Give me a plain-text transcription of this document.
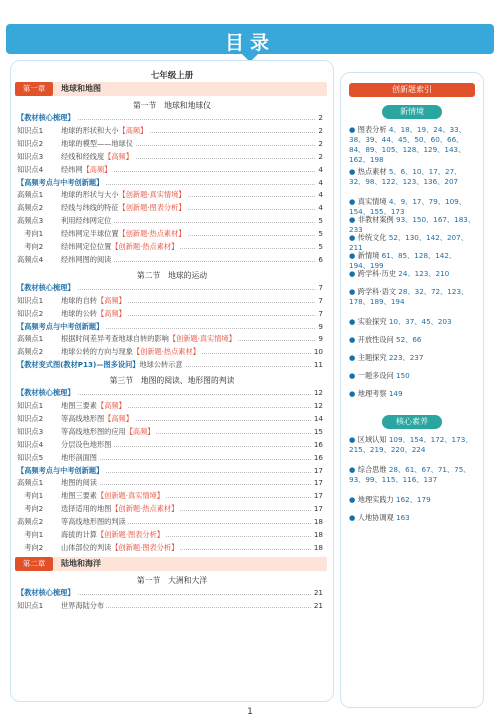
目录
七年级上册
第一章	地球和地图
第一节　地球和地球仪
【教材核心梳理】	2
知识点1 地球的形状和大小【高频】	2
知识点2 地球的模型——地球仪	2
知识点3 经线和经线度【高频】	2
知识点4 经纬网【高频】	4
【高频考点与中考创新题】	4
高频点1 地球的形状与大小【创新题·真实情境】	4
高频点2 经线与纬线的特征【创新题·图表分析】	4
高频点3 利用经纬网定位	5
　考向1 经纬网定半球位置【创新题·热点素材】	5
　考向2 经纬网定位位置【创新题·热点素材】	5
高频点4 经纬网图的阅读	6
第二节　地球的运动
【教材核心梳理】	7
知识点1 地球的自转【高频】	7
知识点2 地球的公转【高频】	7
【高频考点与中考创新题】	9
高频点1 根据时间差异考查地球自转的影响【创新题·真实情境】	9
高频点2 地球公转的方向与现象【创新题·热点素材】	10
【教材变式图(教材P13)—图多设问】地球公转示意	11
第三节　地图的阅读、地形图的判读
【教材核心梳理】	12
知识点1 地图三要素【高频】	12
知识点2 等高线地形图【高频】	14
知识点3 等高线地形图的应用【高频】	15
知识点4 分层设色地形图	16
知识点5 地形剖面图	16
【高频考点与中考创新题】	17
高频点1 地图的阅读	17
　考向1 地图三要素【创新题·真实情境】	17
　考向2 选择适用的地图【创新题·热点素材】	17
高频点2 等高线地形图的判读	18
　考向1 海拔的计算【创新题·图表分析】	18
　考向2 山体部位的判读【创新题·图表分析】	18
第二章	陆地和海洋
第一节　大洲和大洋
【教材核心梳理】	21
知识点1 世界海陆分布	21
创新题索引
新情境
● 图表分析 4、18、19、24、33、38、39、44、45、50、60、66、84、89、105、128、129、143、162、198
● 热点素材 5、6、10、17、27、32、98、122、123、136、207
● 真实情境 4、9、17、79、109、154、155、173
● 非教材案例 93、150、167、183、233
● 传统文化 52、130、142、207、211
● 新情境 61、85、128、142、194、199
● 跨学科·历史 24、123、210
● 跨学科·语文 28、32、72、123、178、189、194
● 实验探究 10、37、45、203
● 开放性设问 52、66
● 主题探究 223、237
● 一题多设问 150
● 地理考察 149
核心素养
● 区域认知 109、154、172、173、215、219、220、224
● 综合思维 28、61、67、71、75、93、99、115、116、137
● 地理实践力 162、179
● 人地协调观 163
1
